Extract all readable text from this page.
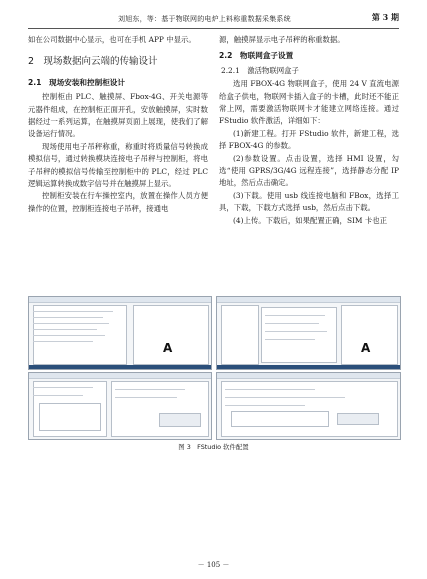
刘旭东，等：基于物联网的电炉上料称重数据采集系统	第 3 期

如在公司数据中心显示，也可在手机 APP 中显示。

2　现场数据向云端的传输设计
2.1　现场安装和控制柜设计

控制柜由 PLC、触摸屏、Fbox-4G、开关电源等元器件组成，在控制柜正面开孔，安放触摸屏，实时数据经过一系列运算，在触摸屏页面上展现，使我们了解设备运行情况。

现场使用电子吊秤称重，称重时将质量信号转换成模拟信号，通过转换模块连接电子吊秤与控制柜，将电子吊秤的模拟信号传输至控制柜中的 PLC，经过 PLC 逻辑运算转换成数字信号并在触摸屏上显示。

控制柜安装在行车操控室内，放置在操作人员方便操作的位置，控制柜连接电子吊秤，接通电

源，触摸屏显示电子吊秤的称重数据。

2.2　物联网盒子设置
2.2.1　激活物联网盒子

选用 FBOX-4G 物联网盒子，使用 24 V 直流电源给盒子供电，物联网卡插入盒子的卡槽，此时还不能正常上网，需要激活物联网卡才能建立网络连接。通过 FStudio 软件激活，详细如下：

(1)新建工程。打开 FStudio 软件，新建工程，选择 FBOX-4G 的参数。

(2)参数设置。点击设置，选择 HMI 设置，勾选“使用 GPRS/3G/4G 远程连接”，选择静态分配 IP 地址，然后点击确定。

(3)下载。使用 usb 线连接电脑和 FBox，选择工具，下载，下载方式选择 usb，然后点击下载。

(4)上传。下载后，如果配置正确，SIM 卡也正

A	A
图 3　FStudio 软件配置
－ 105 －
